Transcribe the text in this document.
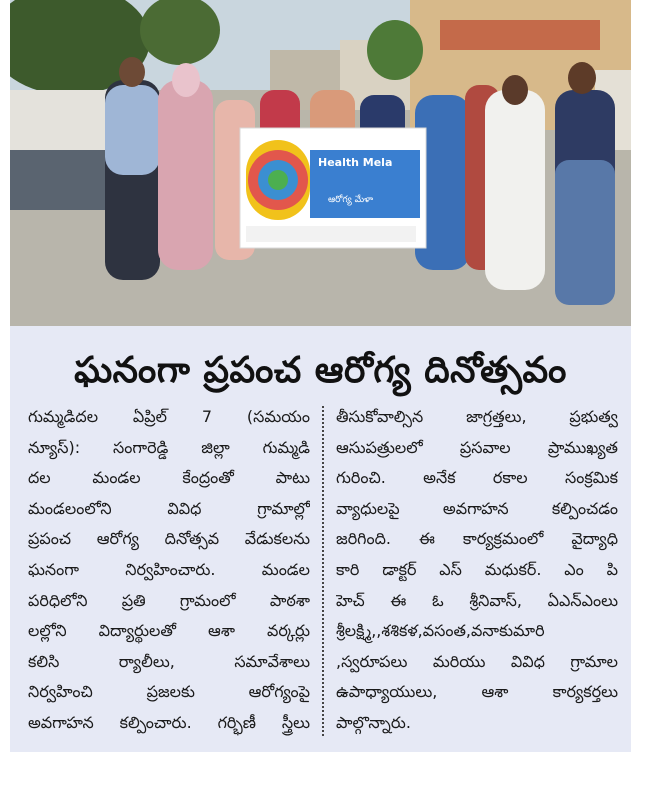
Health Mela
ఆరోగ్య మేళా
ఘనంగా ప్రపంచ ఆరోగ్య దినోత్సవం
గుమ్మడిదల ఏప్రిల్ 7 (సమయం
న్యూస్): సంగారెడ్డి జిల్లా గుమ్మడి
దల మండల కేంద్రంతో పాటు
మండలంలోని వివిధ గ్రామాల్లో
ప్రపంచ ఆరోగ్య దినోత్సవ వేడుకలను
ఘనంగా నిర్వహించారు. మండల
పరిధిలోని ప్రతి గ్రామంలో పాఠశా
లల్లోని విద్యార్థులతో ఆశా వర్కర్లు
కలిసి ర్యాలీలు, సమావేశాలు
నిర్వహించి ప్రజలకు ఆరోగ్యంపై
అవగాహన కల్పించారు. గర్భిణీ స్త్రీలు
తీసుకోవాల్సిన జాగ్రత్తలు, ప్రభుత్వ
ఆసుపత్రులలో ప్రసవాల ప్రాముఖ్యత
గురించి. అనేక రకాల సంక్రమిక
వ్యాధులపై అవగాహన కల్పించడం
జరిగింది. ఈ కార్యక్రమంలో వైద్యాధి
కారి డాక్టర్ ఎస్ మధుకర్. ఎం పి
హెచ్ ఈ ఓ శ్రీనివాస్, ఏఎన్ఎంలు
శ్రీలక్ష్మి,,శశికళ,వసంత,వనాకుమారి
,స్వరూపలు మరియు వివిధ గ్రామాల
ఉపాధ్యాయులు, ఆశా కార్యకర్తలు
పాల్గొన్నారు.
